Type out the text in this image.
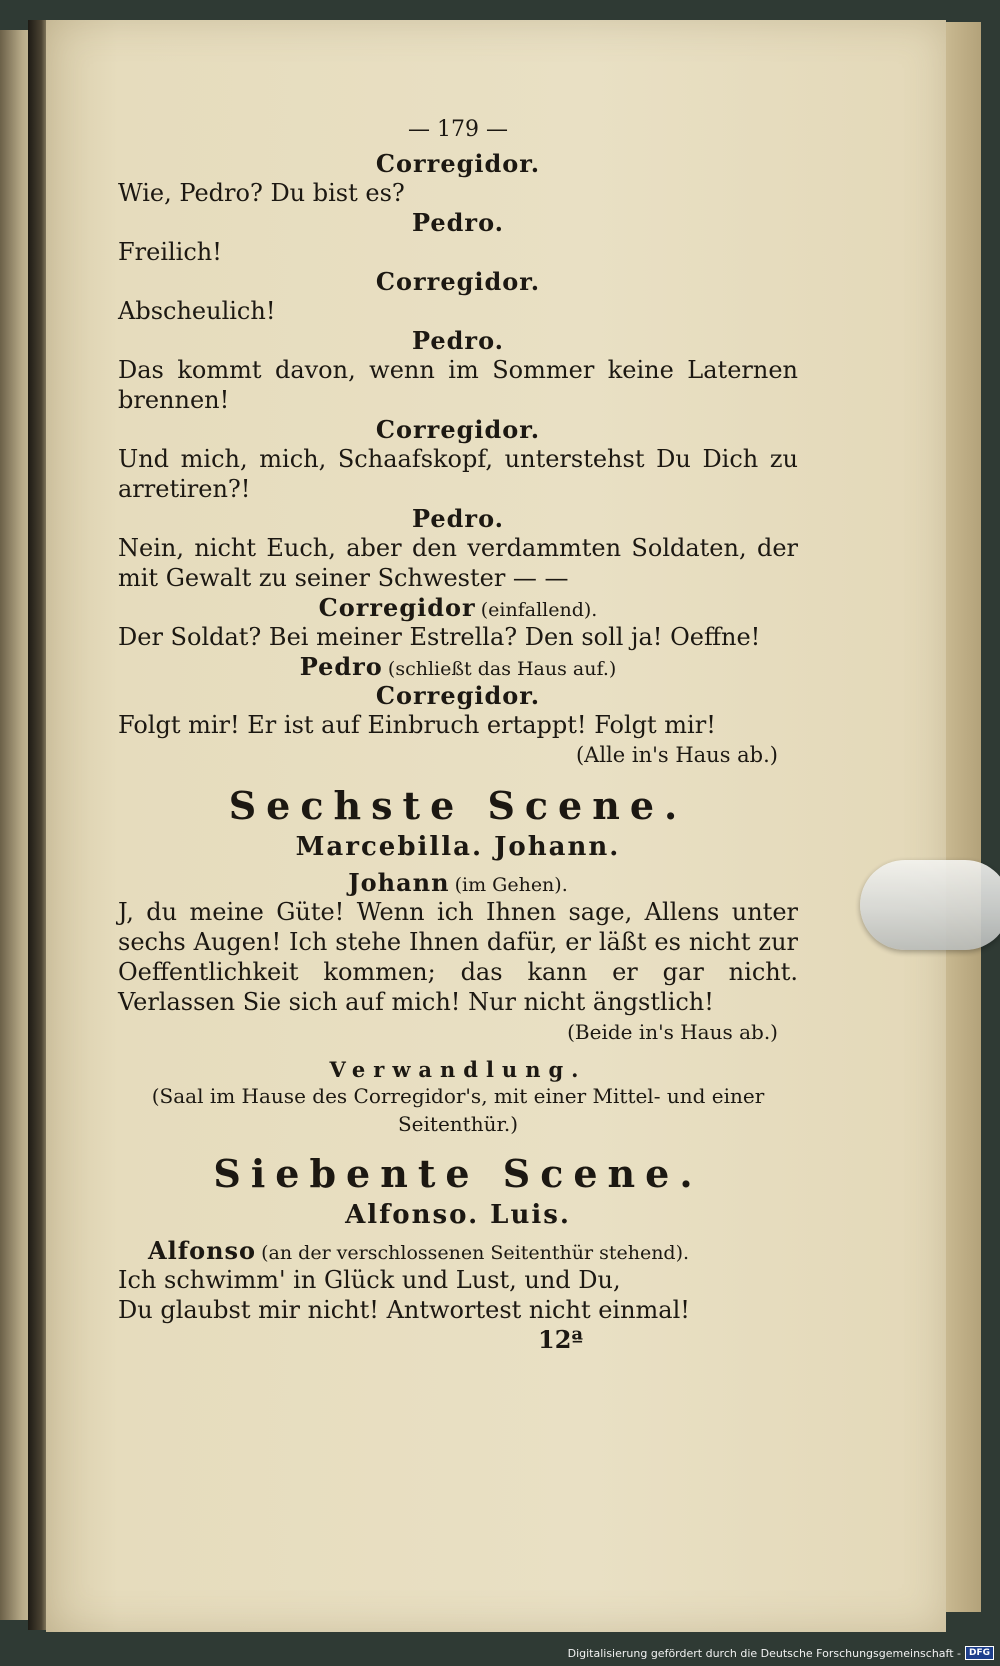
— 179 —
Corregidor.
Wie, Pedro? Du bist es?
Pedro.
Freilich!
Corregidor.
Abscheulich!
Pedro.
Das kommt davon, wenn im Sommer keine Laternen brennen!
Corregidor.
Und mich, mich, Schaafskopf, unterstehst Du Dich zu arretiren?!
Pedro.
Nein, nicht Euch, aber den verdammten Soldaten, der mit Gewalt zu seiner Schwester — —
Corregidor (einfallend).
Der Soldat? Bei meiner Estrella? Den soll ja! Oeffne!
Pedro (schließt das Haus auf.)
Corregidor.
Folgt mir! Er ist auf Einbruch ertappt! Folgt mir!
(Alle in's Haus ab.)
Sechste Scene.
Marcebilla. Johann.
Johann (im Gehen).
J, du meine Güte! Wenn ich Ihnen sage, Allens unter sechs Augen! Ich stehe Ihnen dafür, er läßt es nicht zur Oeffentlichkeit kommen; das kann er gar nicht. Verlassen Sie sich auf mich! Nur nicht ängstlich!
(Beide in's Haus ab.)
Verwandlung.
(Saal im Hause des Corregidor's, mit einer Mittel- und einer Seitenthür.)
Siebente Scene.
Alfonso. Luis.
Alfonso (an der verschlossenen Seitenthür stehend).
Ich schwimm' in Glück und Lust, und Du,
Du glaubst mir nicht! Antwortest nicht einmal!
12ª
Digitalisierung gefördert durch die Deutsche Forschungsgemeinschaft - DFG
